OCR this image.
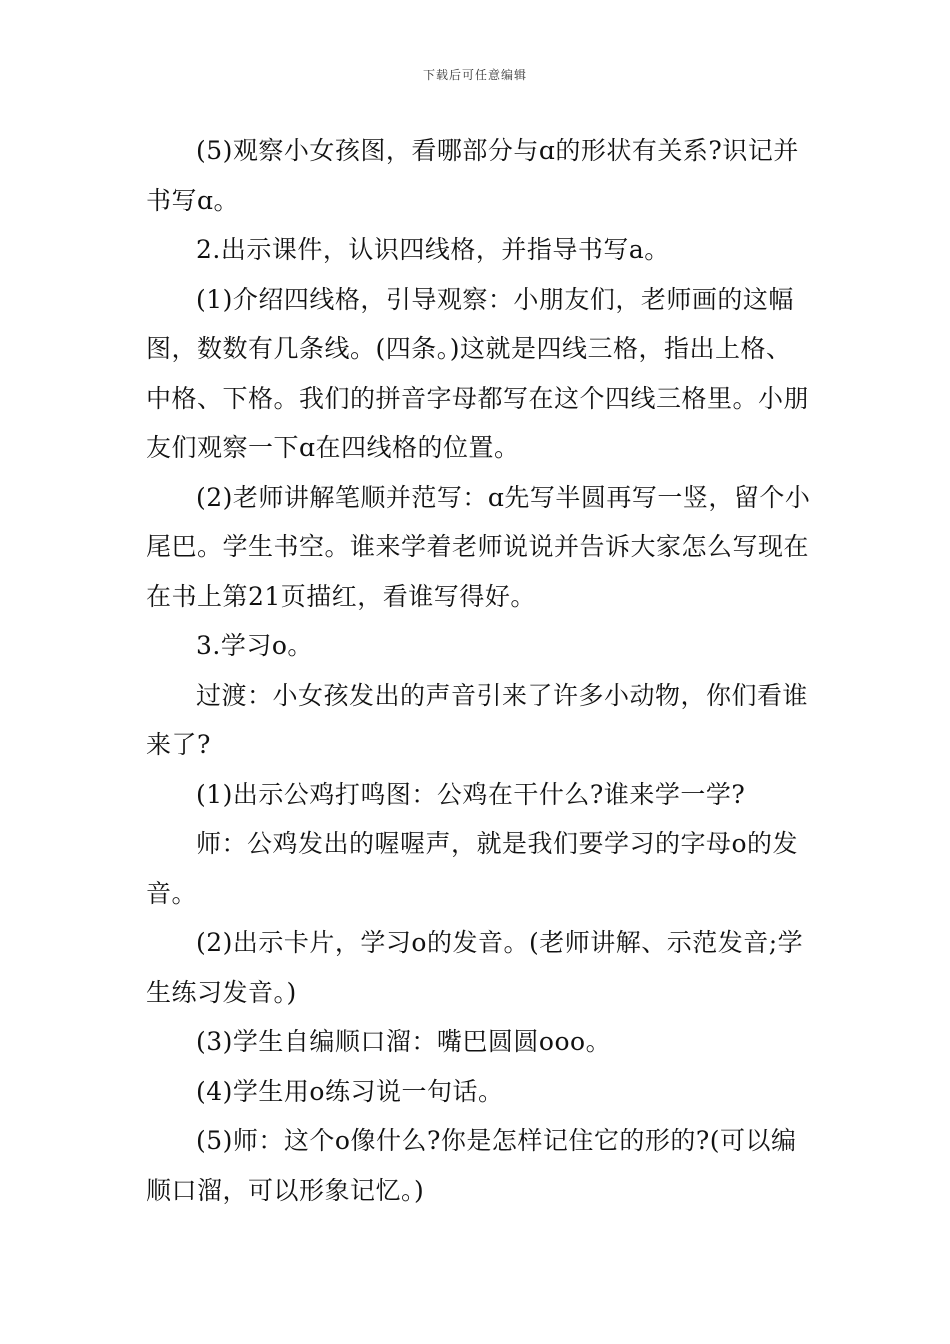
下载后可任意编辑

(5)观察小女孩图，看哪部分与ɑ的形状有关系?识记并书写ɑ。

2.出示课件，认识四线格，并指导书写a。

(1)介绍四线格，引导观察：小朋友们，老师画的这幅图，数数有几条线。(四条。)这就是四线三格，指出上格、中格、下格。我们的拼音字母都写在这个四线三格里。小朋友们观察一下ɑ在四线格的位置。

(2)老师讲解笔顺并范写：ɑ先写半圆再写一竖，留个小尾巴。学生书空。谁来学着老师说说并告诉大家怎么写现在在书上第21页描红，看谁写得好。

3.学习o。

过渡：小女孩发出的声音引来了许多小动物，你们看谁来了?

(1)出示公鸡打鸣图：公鸡在干什么?谁来学一学?

师：公鸡发出的喔喔声，就是我们要学习的字母o的发音。

(2)出示卡片，学习o的发音。(老师讲解、示范发音;学生练习发音。)

(3)学生自编顺口溜：嘴巴圆圆ooo。

(4)学生用o练习说一句话。

(5)师：这个o像什么?你是怎样记住它的形的?(可以编顺口溜，可以形象记忆。)
